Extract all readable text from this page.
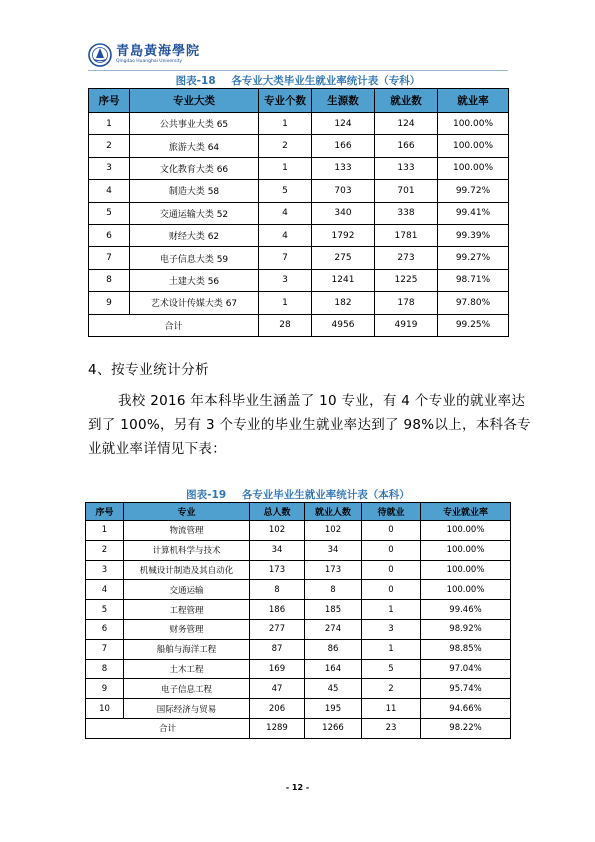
青島黃海學院
Qingdao Huanghai University
图表-18 各专业大类毕业生就业率统计表（专科）
序号	专业大类	专业个数	生源数	就业数	就业率
1	公共事业大类 65	1	124	124	100.00%
2	旅游大类 64	2	166	166	100.00%
3	文化教育大类 66	1	133	133	100.00%
4	制造大类 58	5	703	701	99.72%
5	交通运输大类 52	4	340	338	99.41%
6	财经大类 62	4	1792	1781	99.39%
7	电子信息大类 59	7	275	273	99.27%
8	土建大类 56	3	1241	1225	98.71%
9	艺术设计传媒大类 67	1	182	178	97.80%
合计		28	4956	4919	99.25%
4、按专业统计分析
我校 2016 年本科毕业生涵盖了 10 专业，有 4 个专业的就业率达
到了 100%，另有 3 个专业的毕业生就业率达到了 98%以上，本科各专
业就业率详情见下表：
图表-19 各专业毕业生就业率统计表（本科）
序号	专业	总人数	就业人数	待就业	专业就业率
1	物流管理	102	102	0	100.00%
2	计算机科学与技术	34	34	0	100.00%
3	机械设计制造及其自动化	173	173	0	100.00%
4	交通运输	8	8	0	100.00%
5	工程管理	186	185	1	99.46%
6	财务管理	277	274	3	98.92%
7	船舶与海洋工程	87	86	1	98.85%
8	土木工程	169	164	5	97.04%
9	电子信息工程	47	45	2	95.74%
10	国际经济与贸易	206	195	11	94.66%
合计		1289	1266	23	98.22%
- 12 -
